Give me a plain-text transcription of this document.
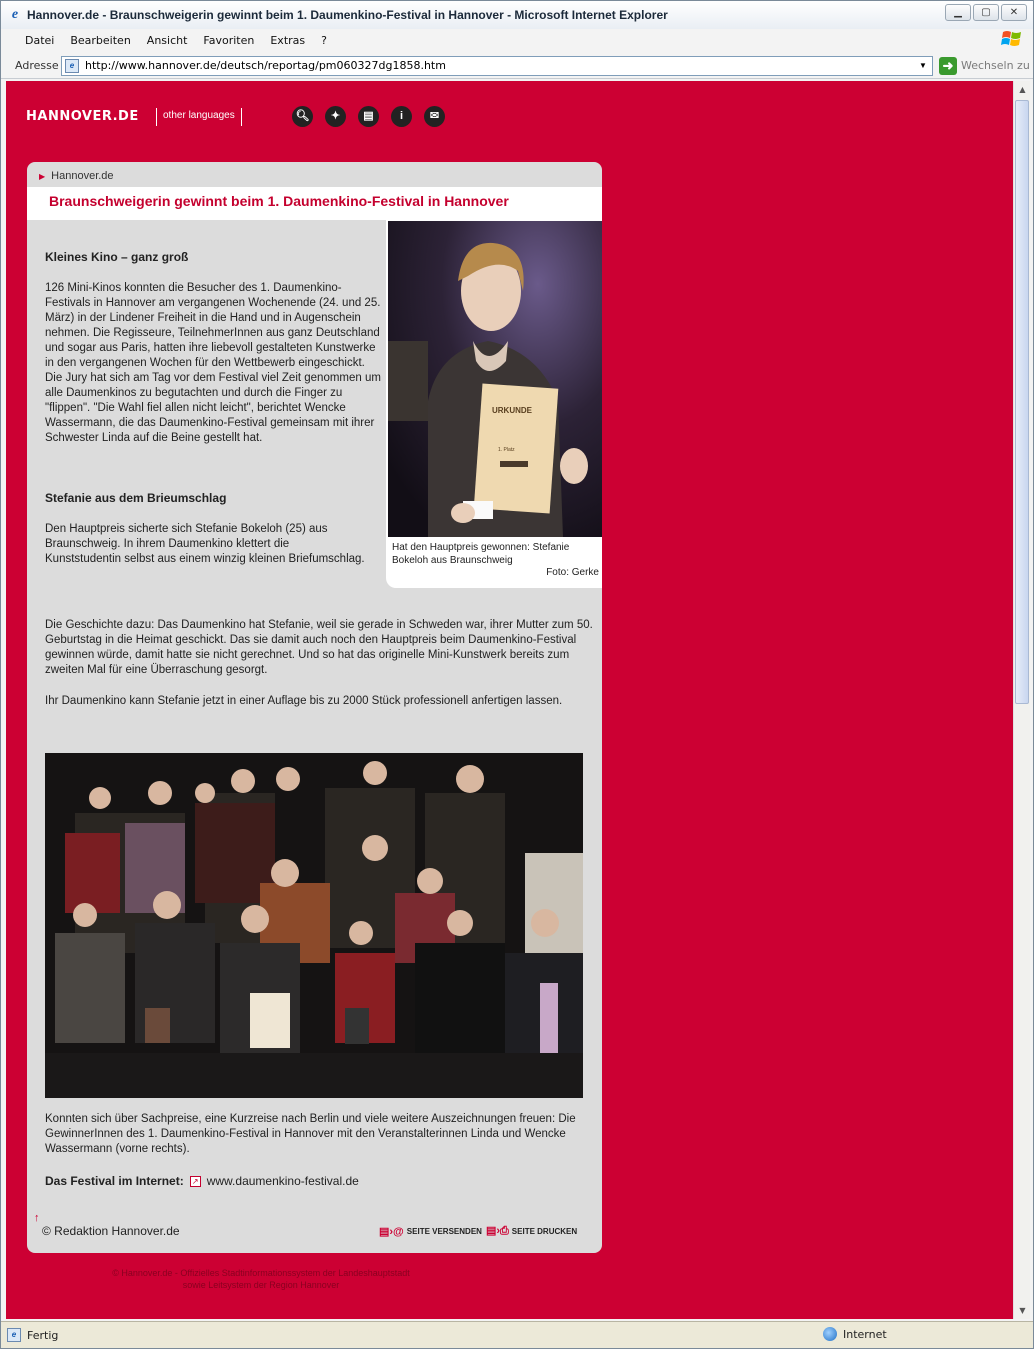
e Hannover.de - Braunschweigerin gewinnt beim 1. Daumenkino-Festival in Hannover - Microsoft Internet Explorer	▁	▢	✕
Datei	Bearbeiten	Ansicht	Favoriten	Extras	?
Adresse	e
http://www.hannover.de/deutsch/reportag/pm060327dg1858.htm	▼ ➜ Wechseln zu
HANNOVER.DE	other languages	🔍︎	✦	▤	i	✉
▶ Hannover.de
Braunschweigerin gewinnt beim 1. Daumenkino-Festival in Hannover
URKUNDE
1. Platz
Hat den Hauptpreis gewonnen: Stefanie Bokeloh aus Braunschweig
Foto: Gerke
Kleines Kino – ganz groß
126 Mini-Kinos konnten die Besucher des 1. Daumenkino-Festivals in Hannover am vergangenen Wochenende (24. und 25. März) in der Lindener Freiheit in die Hand und in Augenschein nehmen. Die Regisseure, TeilnehmerInnen aus ganz Deutschland und sogar aus Paris, hatten ihre liebevoll gestalteten Kunstwerke in den vergangenen Wochen für den Wettbewerb eingeschickt. Die Jury hat sich am Tag vor dem Festival viel Zeit genommen um alle Daumenkinos zu begutachten und durch die Finger zu "flippen". "Die Wahl fiel allen nicht leicht", berichtet Wencke Wassermann, die das Daumenkino-Festival gemeinsam mit ihrer Schwester Linda auf die Beine gestellt hat.
Stefanie aus dem Brieumschlag
Den Hauptpreis sicherte sich Stefanie Bokeloh (25) aus Braunschweig. In ihrem Daumenkino klettert die Kunststudentin selbst aus einem winzig kleinen Briefumschlag.
Die Geschichte dazu: Das Daumenkino hat Stefanie, weil sie gerade in Schweden war, ihrer Mutter zum 50. Geburtstag in die Heimat geschickt. Das sie damit auch noch den Hauptpreis beim Daumenkino-Festival gewinnen würde, damit hatte sie nicht gerechnet. Und so hat das originelle Mini-Kunstwerk bereits zum zweiten Mal für eine Überraschung gesorgt.
Ihr Daumenkino kann Stefanie jetzt in einer Auflage bis zu 2000 Stück professionell anfertigen lassen.
Konnten sich über Sachpreise, eine Kurzreise nach Berlin und viele weitere Auszeichnungen freuen: Die GewinnerInnen des 1. Daumenkino-Festival in Hannover mit den Veranstalterinnen Linda und Wencke Wassermann (vorne rechts).
Das Festival im Internet: ↗ www.daumenkino-festival.de
↑
© Redaktion Hannover.de	▤›@ SEITE VERSENDEN ▤›⎙ SEITE DRUCKEN
© Hannover.de - Offizielles Stadtinformationssystem der Landeshauptstadt
sowie Leitsystem der Region Hannover
▲
▼
e Fertig	Internet
